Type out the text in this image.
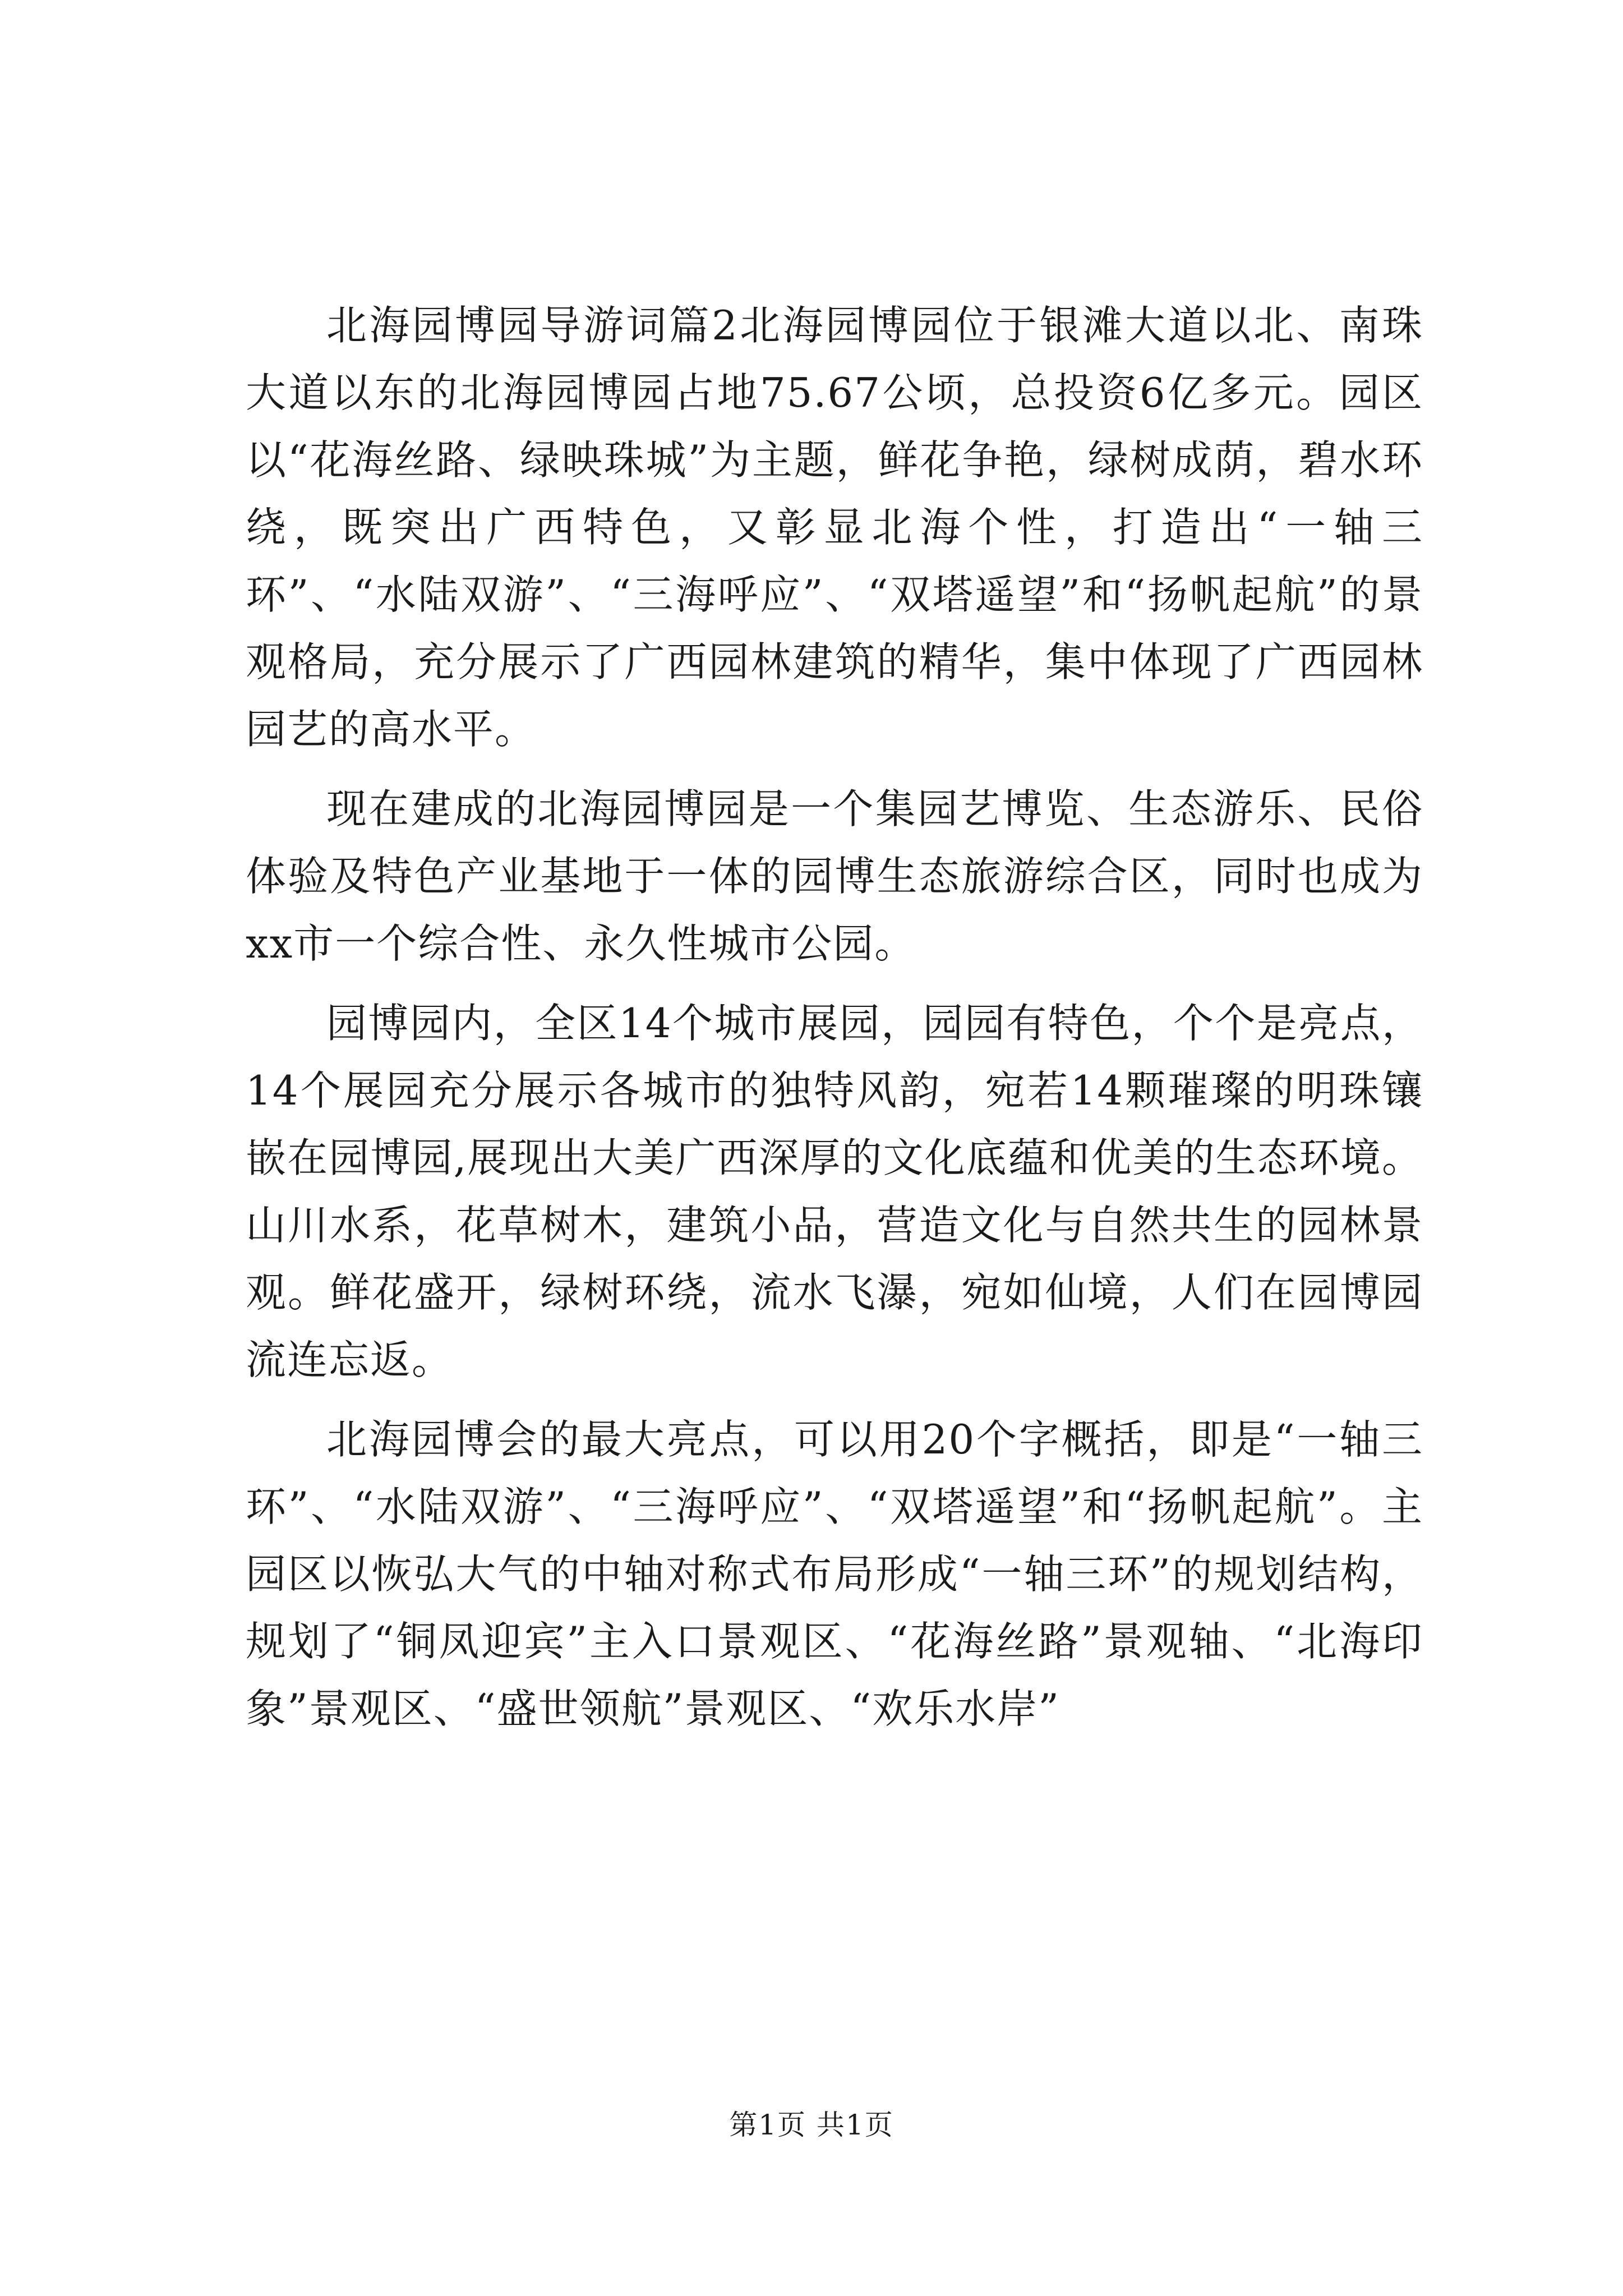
北海园博园导游词篇2北海园博园位于银滩大道以北、南珠大道以东的北海园博园占地75.67公顷，总投资6亿多元。园区以“花海丝路、绿映珠城”为主题，鲜花争艳，绿树成荫，碧水环绕，既突出广西特色，又彰显北海个性，打造出“一轴三环”、“水陆双游”、“三海呼应”、“双塔遥望”和“扬帆起航”的景观格局，充分展示了广西园林建筑的精华，集中体现了广西园林园艺的高水平。

现在建成的北海园博园是一个集园艺博览、生态游乐、民俗体验及特色产业基地于一体的园博生态旅游综合区，同时也成为xx市一个综合性、永久性城市公园。

园博园内，全区14个城市展园，园园有特色，个个是亮点，14个展园充分展示各城市的独特风韵，宛若14颗璀璨的明珠镶嵌在园博园,展现出大美广西深厚的文化底蕴和优美的生态环境。山川水系，花草树木，建筑小品，营造文化与自然共生的园林景观。鲜花盛开，绿树环绕，流水飞瀑，宛如仙境，人们在园博园流连忘返。

北海园博会的最大亮点，可以用20个字概括，即是“一轴三环”、“水陆双游”、“三海呼应”、“双塔遥望”和“扬帆起航”。主园区以恢弘大气的中轴对称式布局形成“一轴三环”的规划结构，规划了“铜凤迎宾”主入口景观区、“花海丝路”景观轴、“北海印象”景观区、“盛世领航”景观区、“欢乐水岸”

第1页 共1页
